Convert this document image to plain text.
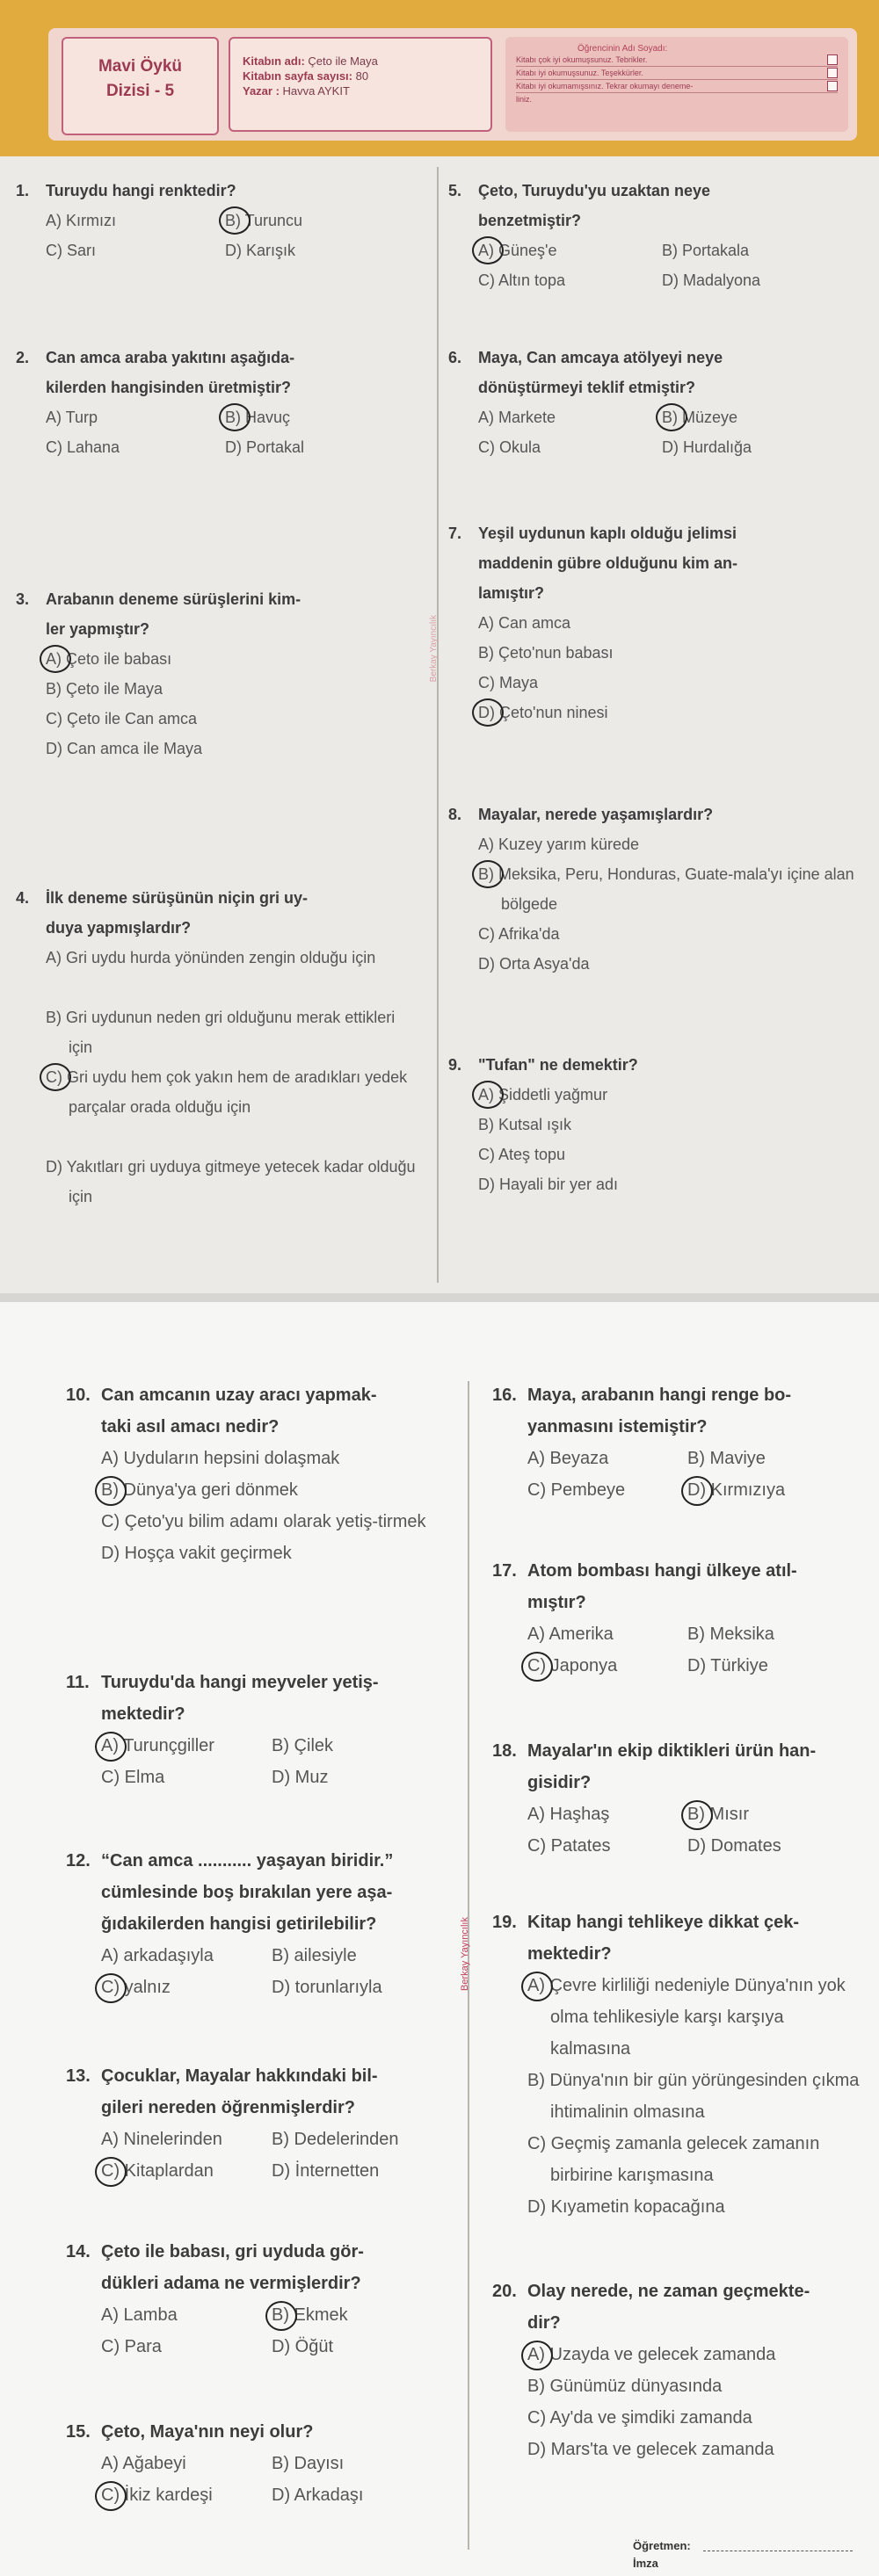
Mavi Öykü
Dizisi - 5
Kitabın adı: Çeto ile Maya
Kitabın sayfa sayısı: 80
Yazar : Havva AYKIT
Öğrencinin Adı Soyadı:
Kitabı çok iyi okumuşsunuz. Tebrikler.
Kitabı iyi okumuşsunuz. Teşekkürler.
Kitabı iyi okumamışsınız. Tekrar okumayı deneme-
liniz.
Berkay Yayıncılık
Berkay Yayıncılık
Öğretmen:
İmza
1. Turuydu hangi renktedir?
A) Kırmızı	B) Turuncu
C) Sarı	D) Karışık
2. Can amca araba yakıtını aşağıda-
kilerden hangisinden üretmiştir?
A) Turp	B) Havuç
C) Lahana	D) Portakal
3. Arabanın deneme sürüşlerini kim-
ler yapmıştır?
A) Çeto ile babası
B) Çeto ile Maya
C) Çeto ile Can amca
D) Can amca ile Maya
4. İlk deneme sürüşünün niçin gri uy-
duya yapmışlardır?
A) Gri uydu hurda yönünden zengin olduğu için
B) Gri uydunun neden gri olduğunu merak ettikleri için
C) Gri uydu hem çok yakın hem de aradıkları yedek parçalar orada olduğu için
D) Yakıtları gri uyduya gitmeye yetecek kadar olduğu için
5. Çeto, Turuydu'yu uzaktan neye
benzetmiştir?
A) Güneş'e	B) Portakala
C) Altın topa	D) Madalyona
6. Maya, Can amcaya atölyeyi neye
dönüştürmeyi teklif etmiştir?
A) Markete	B) Müzeye
C) Okula	D) Hurdalığa
7. Yeşil uydunun kaplı olduğu jelimsi
maddenin gübre olduğunu kim an-
lamıştır?
A) Can amca
B) Çeto'nun babası
C) Maya
D) Çeto'nun ninesi
8. Mayalar, nerede yaşamışlardır?
A) Kuzey yarım kürede
B) Meksika, Peru, Honduras, Guate-mala'yı içine alan bölgede
C) Afrika'da
D) Orta Asya'da
9. "Tufan" ne demektir?
A) Şiddetli yağmur
B) Kutsal ışık
C) Ateş topu
D) Hayali bir yer adı
10. Can amcanın uzay aracı yapmak-
taki asıl amacı nedir?
A) Uyduların hepsini dolaşmak
B) Dünya'ya geri dönmek
C) Çeto'yu bilim adamı olarak yetiş-tirmek
D) Hoşça vakit geçirmek
11. Turuydu'da hangi meyveler yetiş-
mektedir?
A) Turunçgiller	B) Çilek
C) Elma	D) Muz
12. “Can amca ........... yaşayan biridir.”
cümlesinde boş bırakılan yere aşa-
ğıdakilerden hangisi getirilebilir?
A) arkadaşıyla	B) ailesiyle
C) yalnız	D) torunlarıyla
13. Çocuklar, Mayalar hakkındaki bil-
gileri nereden öğrenmişlerdir?
A) Ninelerinden	B) Dedelerinden
C) Kitaplardan	D) İnternetten
14. Çeto ile babası, gri uyduda gör-
dükleri adama ne vermişlerdir?
A) Lamba	B) Ekmek
C) Para	D) Öğüt
15. Çeto, Maya'nın neyi olur?
A) Ağabeyi	B) Dayısı
C) İkiz kardeşi	D) Arkadaşı
16. Maya, arabanın hangi renge bo-
yanmasını istemiştir?
A) Beyaza	B) Maviye
C) Pembeye	D) Kırmızıya
17. Atom bombası hangi ülkeye atıl-
mıştır?
A) Amerika	B) Meksika
C) Japonya	D) Türkiye
18. Mayalar'ın ekip diktikleri ürün han-
gisidir?
A) Haşhaş	B) Mısır
C) Patates	D) Domates
19. Kitap hangi tehlikeye dikkat çek-
mektedir?
A) Çevre kirliliği nedeniyle Dünya'nın yok olma tehlikesiyle karşı karşıya kalmasına
B) Dünya'nın bir gün yörüngesinden çıkma ihtimalinin olmasına
C) Geçmiş zamanla gelecek zamanın birbirine karışmasına
D) Kıyametin kopacağına
20. Olay nerede, ne zaman geçmekte-
dir?
A) Uzayda ve gelecek zamanda
B) Günümüz dünyasında
C) Ay'da ve şimdiki zamanda
D) Mars'ta ve gelecek zamanda
